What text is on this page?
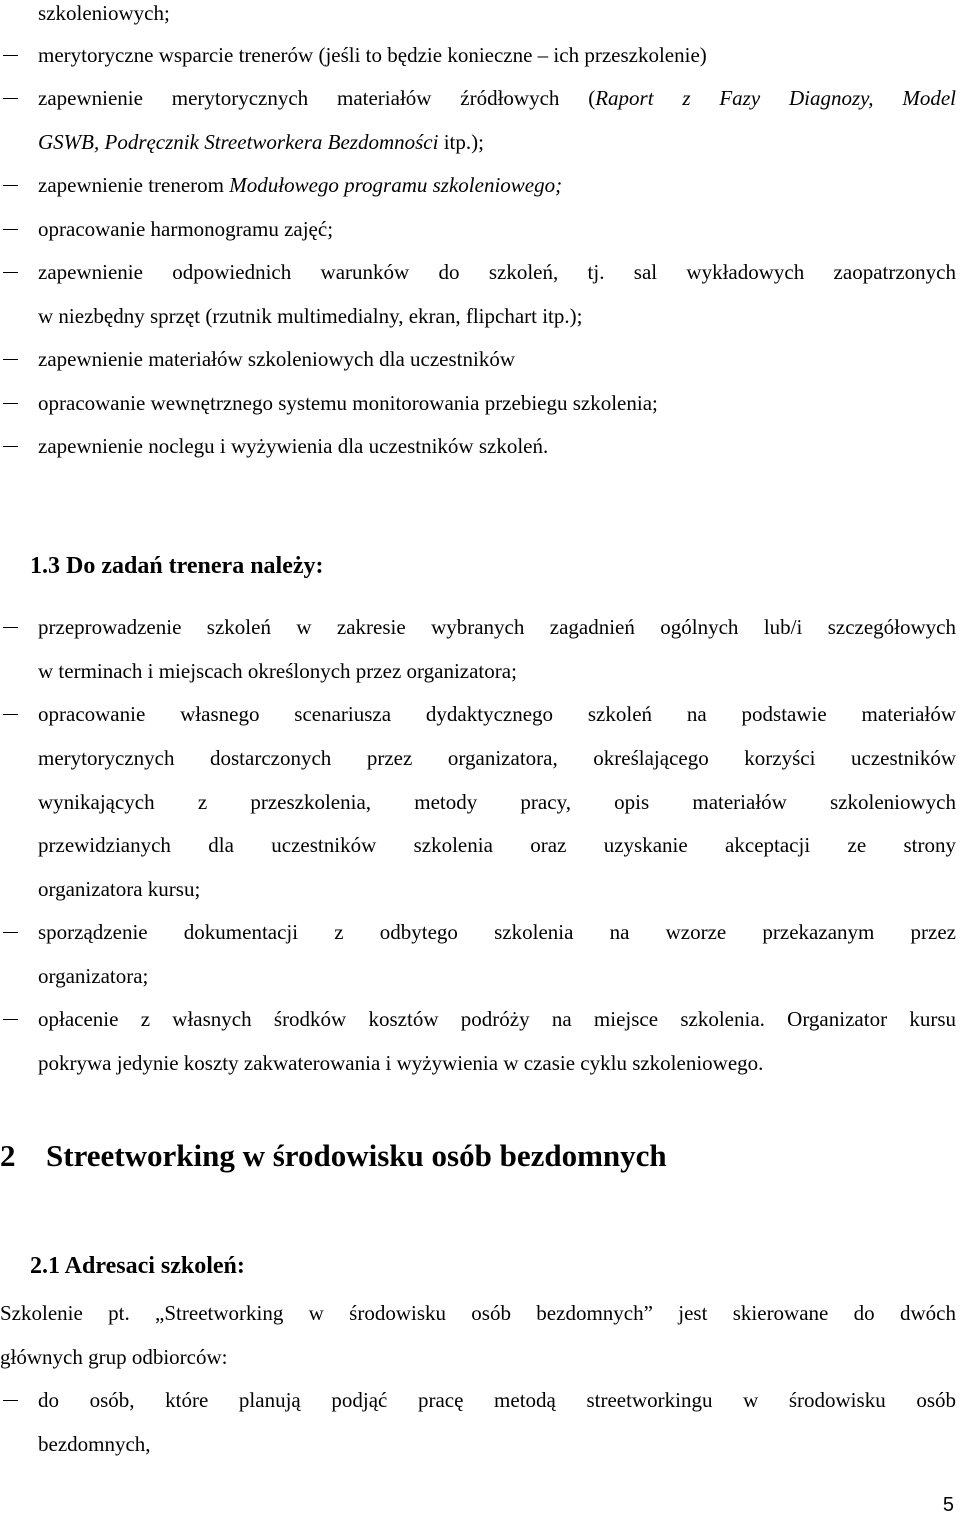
szkoleniowych;
merytoryczne wsparcie trenerów (jeśli to będzie konieczne – ich przeszkolenie)
zapewnienie merytorycznych materiałów źródłowych (Raport z Fazy Diagnozy, Model
GSWB, Podręcznik Streetworkera Bezdomności itp.);
zapewnienie trenerom Modułowego programu szkoleniowego;
opracowanie harmonogramu zajęć;
zapewnienie odpowiednich warunków do szkoleń, tj. sal wykładowych zaopatrzonych
w niezbędny sprzęt (rzutnik multimedialny, ekran, flipchart itp.);
zapewnienie materiałów szkoleniowych dla uczestników
opracowanie wewnętrznego systemu monitorowania przebiegu szkolenia;
zapewnienie noclegu i wyżywienia dla uczestników szkoleń.
1.3 Do zadań trenera należy:
przeprowadzenie szkoleń w zakresie wybranych zagadnień ogólnych lub/i szczegółowych
w terminach i miejscach określonych przez organizatora;
opracowanie własnego scenariusza dydaktycznego szkoleń na podstawie materiałów
merytorycznych dostarczonych przez organizatora, określającego korzyści uczestników
wynikających z przeszkolenia, metody pracy, opis materiałów szkoleniowych
przewidzianych dla uczestników szkolenia oraz uzyskanie akceptacji ze strony
organizatora kursu;
sporządzenie dokumentacji z odbytego szkolenia na wzorze przekazanym przez
organizatora;
opłacenie z własnych środków kosztów podróży na miejsce szkolenia. Organizator kursu
pokrywa jedynie koszty zakwaterowania i wyżywienia w czasie cyklu szkoleniowego.
2 Streetworking w środowisku osób bezdomnych
2.1 Adresaci szkoleń:
Szkolenie pt. „Streetworking w środowisku osób bezdomnych” jest skierowane do dwóch
głównych grup odbiorców:
do osób, które planują podjąć pracę metodą streetworkingu w środowisku osób
bezdomnych,
5
